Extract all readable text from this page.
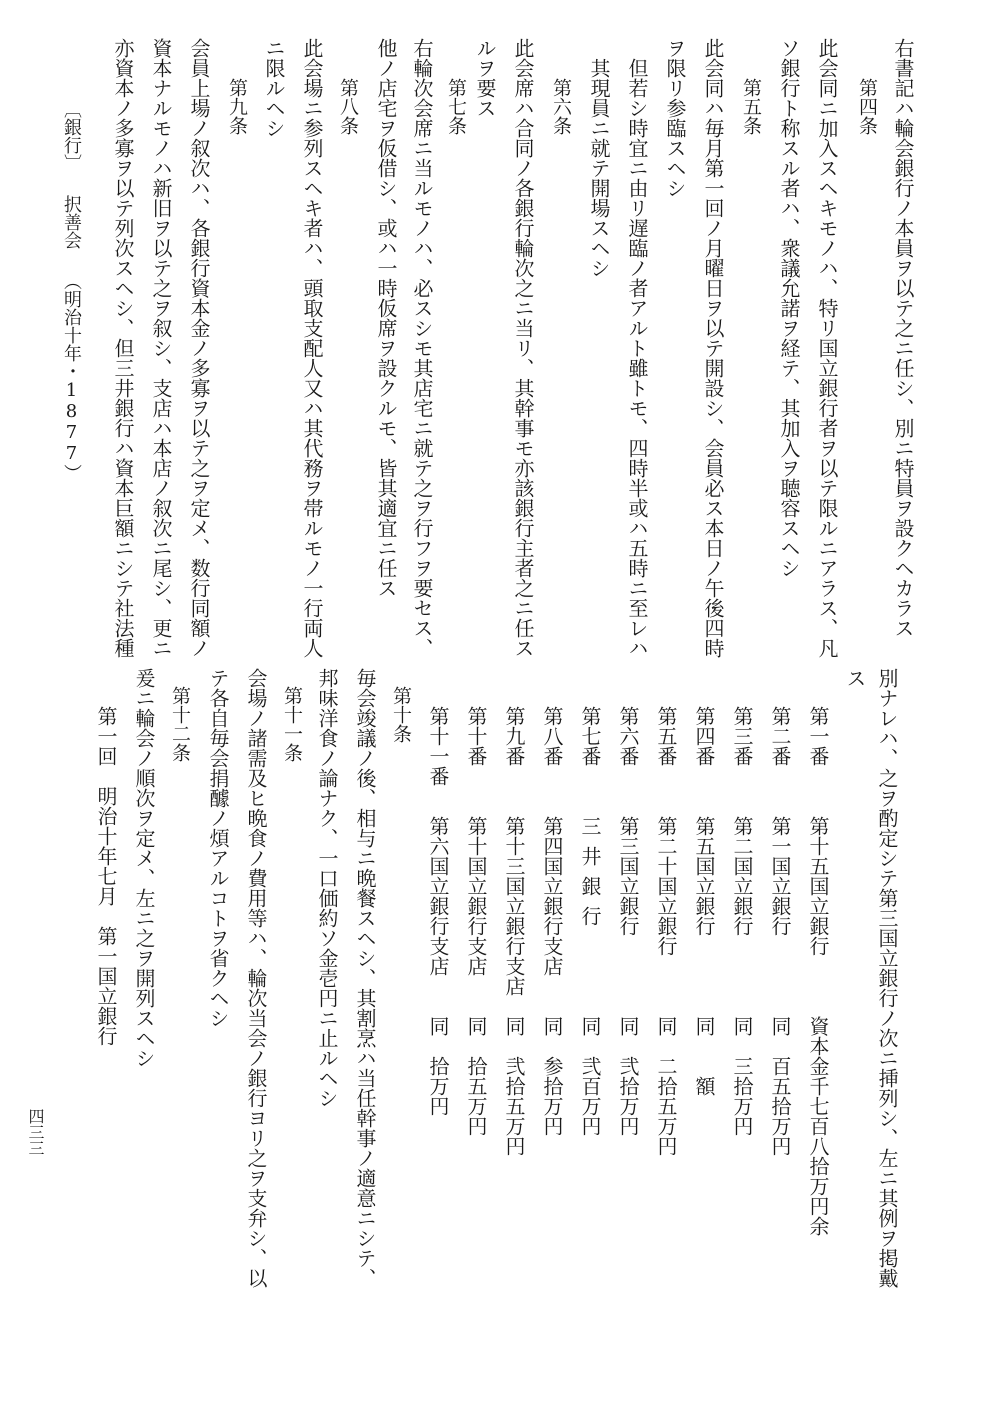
右書記ハ輪会銀行ノ本員ヲ以テ之ニ任シ、別ニ特員ヲ設クヘカラス
第四条
此会同ニ加入スヘキモノハ、特リ国立銀行者ヲ以テ限ルニアラス、凡
ソ銀行ト称スル者ハ、衆議允諾ヲ経テ、其加入ヲ聴容スヘシ
第五条
此会同ハ毎月第一回ノ月曜日ヲ以テ開設シ、会員必ス本日ノ午後四時
ヲ限リ参臨スヘシ
但若シ時宜ニ由リ遅臨ノ者アルト雖トモ、四時半或ハ五時ニ至レハ
其現員ニ就テ開場スヘシ
第六条
此会席ハ合同ノ各銀行輪次之ニ当リ、其幹事モ亦該銀行主者之ニ任ス
ルヲ要ス
第七条
右輪次会席ニ当ルモノハ、必スシモ其店宅ニ就テ之ヲ行フヲ要セス、
他ノ店宅ヲ仮借シ、或ハ一時仮席ヲ設クルモ、皆其適宜ニ任ス
第八条
此会場ニ参列スヘキ者ハ、頭取支配人又ハ其代務ヲ帯ルモノ一行両人
ニ限ルヘシ
第九条
会員上場ノ叙次ハ、各銀行資本金ノ多寡ヲ以テ之ヲ定メ、数行同額ノ
資本ナルモノハ新旧ヲ以テ之ヲ叙シ、支店ハ本店ノ叙次ニ尾シ、更ニ
亦資本ノ多寡ヲ以テ列次スヘシ、但三井銀行ハ資本巨額ニシテ社法種
〔銀行〕
択善会
（明治十年・1877）
別ナレハ、之ヲ酌定シテ第三国立銀行ノ次ニ挿列シ、左ニ其例ヲ掲戴
ス
第一番
第十五国立銀行
資本金千七百八拾万円余
第二番
第一国立銀行
同　百五拾万円
第三番
第二国立銀行
同　三拾万円
第四番
第五国立銀行
同　　額
第五番
第二十国立銀行
同　二拾五万円
第六番
第三国立銀行
同　弐拾万円
第七番
三井銀行
同　弐百万円
第八番
第四国立銀行支店
同　参拾万円
第九番
第十三国立銀行支店
同　弐拾五万円
第十番
第十国立銀行支店
同　拾五万円
第十一番
第六国立銀行支店
同　拾万円
第十条
毎会竣議ノ後、相与ニ晩餐スヘシ、其割烹ハ当任幹事ノ適意ニシテ、
邦味洋食ノ論ナク、一口価約ソ金壱円ニ止ルヘシ
第十一条
会場ノ諸需及ヒ晩食ノ費用等ハ、輪次当会ノ銀行ヨリ之ヲ支弁シ、以
テ各自毎会捐醵ノ煩アルコトヲ省クヘシ
第十二条
爰ニ輪会ノ順次ヲ定メ、左ニ之ヲ開列スヘシ
第一回　明治十年七月　第一国立銀行
四三三
